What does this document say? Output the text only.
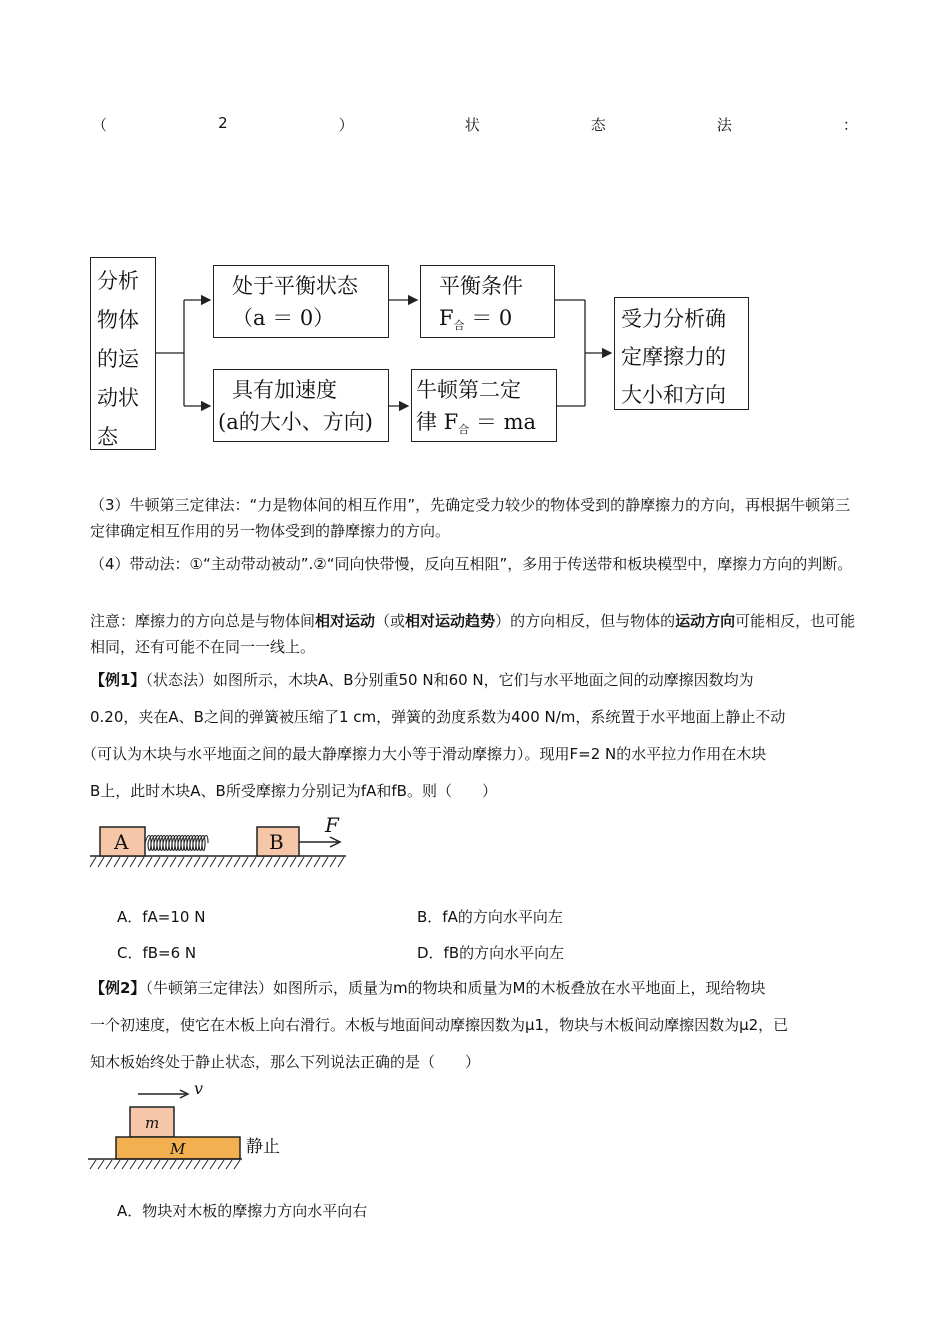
（	2	）	状	态	法	：
分析
物体
的运
动状
态
处于平衡状态
（a ＝ 0）
平衡条件
$F_合 = 0$
具有加速度
(a的大小、方向)
牛顿第二定
律 $F_合$ ＝ ma
受力分析确
定摩擦力的
大小和方向
（3）牛顿第三定律法：“力是物体间的相互作用”，先确定受力较少的物体受到的静摩擦力的方向，再根据牛顿第三定律确定相互作用的另一物体受到的静摩擦力的方向。
（4）带动法：①“主动带动被动”.②“同向快带慢，反向互相阻”，多用于传送带和板块模型中，摩擦力方向的判断。
注意：摩擦力的方向总是与物体间相对运动（或相对运动趋势）的方向相反，但与物体的运动方向可能相反，也可能相同，还有可能不在同一一线上。
【例1】（状态法）如图所示，木块A、B分别重50 N和60 N，它们与水平地面之间的动摩擦因数均为
0.20，夹在A、B之间的弹簧被压缩了1 cm，弹簧的劲度系数为400 N/m，系统置于水平地面上静止不动
（可认为木块与水平地面之间的最大静摩擦力大小等于滑动摩擦力）。现用F=2 N的水平拉力作用在木块
B上，此时木块A、B所受摩擦力分别记为fA和fB。则（　　）
A	B
F
A．fA=10 N	B．fA的方向水平向左
C．fB=6 N	D．fB的方向水平向左
【例2】（牛顿第三定律法）如图所示，质量为m的物块和质量为M的木板叠放在水平地面上，现给物块
一个初速度，使它在木板上向右滑行。木板与地面间动摩擦因数为μ1，物块与木板间动摩擦因数为μ2，已
知木板始终处于静止状态，那么下列说法正确的是（　　）
v
m
M	静止
A．物块对木板的摩擦力方向水平向右
